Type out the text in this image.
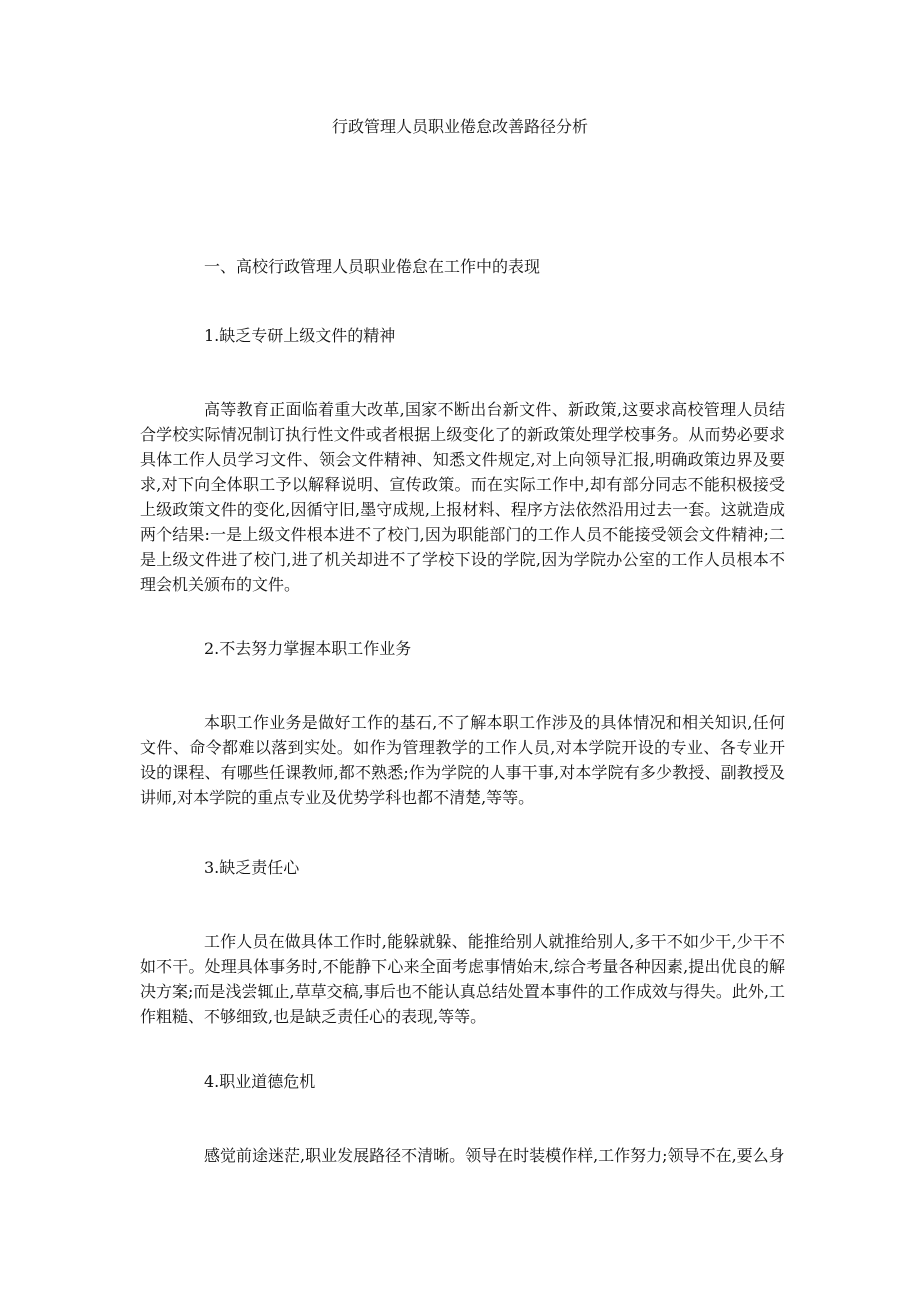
行政管理人员职业倦怠改善路径分析
一、高校行政管理人员职业倦怠在工作中的表现
1.缺乏专研上级文件的精神

高等教育正面临着重大改革,国家不断出台新文件、新政策,这要求高校管理人员结合学校实际情况制订执行性文件或者根据上级变化了的新政策处理学校事务。从而势必要求具体工作人员学习文件、领会文件精神、知悉文件规定,对上向领导汇报,明确政策边界及要求,对下向全体职工予以解释说明、宣传政策。而在实际工作中,却有部分同志不能积极接受上级政策文件的变化,因循守旧,墨守成规,上报材料、程序方法依然沿用过去一套。这就造成两个结果:一是上级文件根本进不了校门,因为职能部门的工作人员不能接受领会文件精神;二是上级文件进了校门,进了机关却进不了学校下设的学院,因为学院办公室的工作人员根本不理会机关颁布的文件。

2.不去努力掌握本职工作业务

本职工作业务是做好工作的基石,不了解本职工作涉及的具体情况和相关知识,任何文件、命令都难以落到实处。如作为管理教学的工作人员,对本学院开设的专业、各专业开设的课程、有哪些任课教师,都不熟悉;作为学院的人事干事,对本学院有多少教授、副教授及讲师,对本学院的重点专业及优势学科也都不清楚,等等。

3.缺乏责任心

工作人员在做具体工作时,能躲就躲、能推给别人就推给别人,多干不如少干,少干不如不干。处理具体事务时,不能静下心来全面考虑事情始末,综合考量各种因素,提出优良的解决方案;而是浅尝辄止,草草交稿,事后也不能认真总结处置本事件的工作成效与得失。此外,工作粗糙、不够细致,也是缺乏责任心的表现,等等。

4.职业道德危机

感觉前途迷茫,职业发展路径不清晰。领导在时装模作样,工作努力;领导不在,要么身
